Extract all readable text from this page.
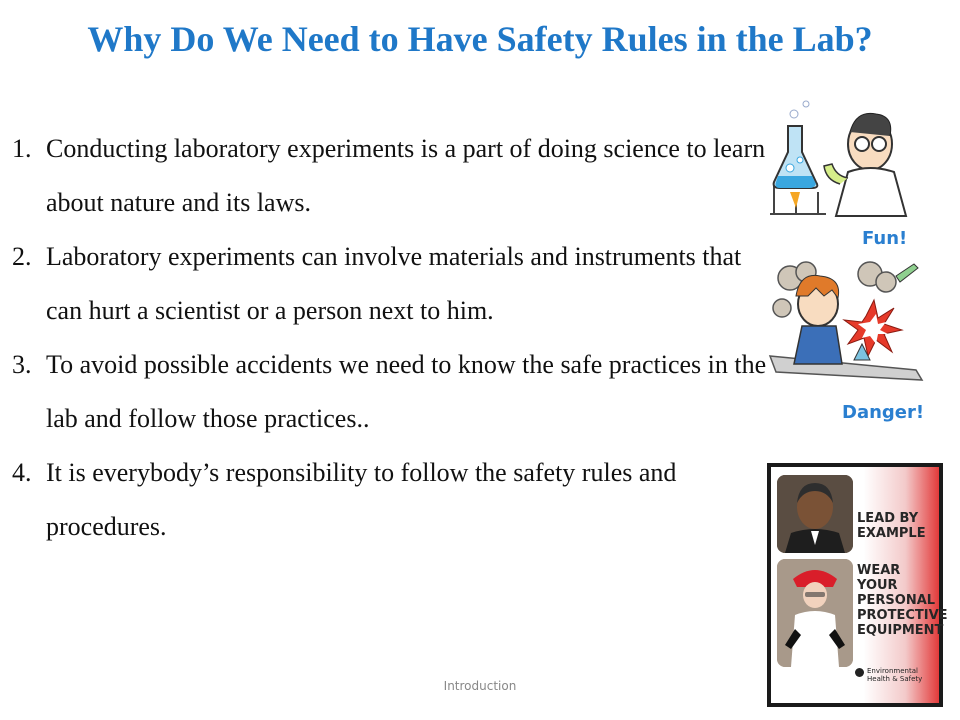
Why Do We Need to Have Safety Rules in the Lab?
1. Conducting laboratory experiments is a part of doing science to learn about nature and its laws.
2. Laboratory experiments can involve materials and instruments that can hurt a scientist or a person next to him.
3. To avoid possible accidents we need to know the safe practices in the lab and follow those practices..
4. It is everybody’s responsibility to follow the safety rules and procedures.
Fun!
Danger!
LEAD BY EXAMPLE
WEAR YOUR PERSONAL PROTECTIVE EQUIPMENT
Environmental Health & Safety
Introduction
